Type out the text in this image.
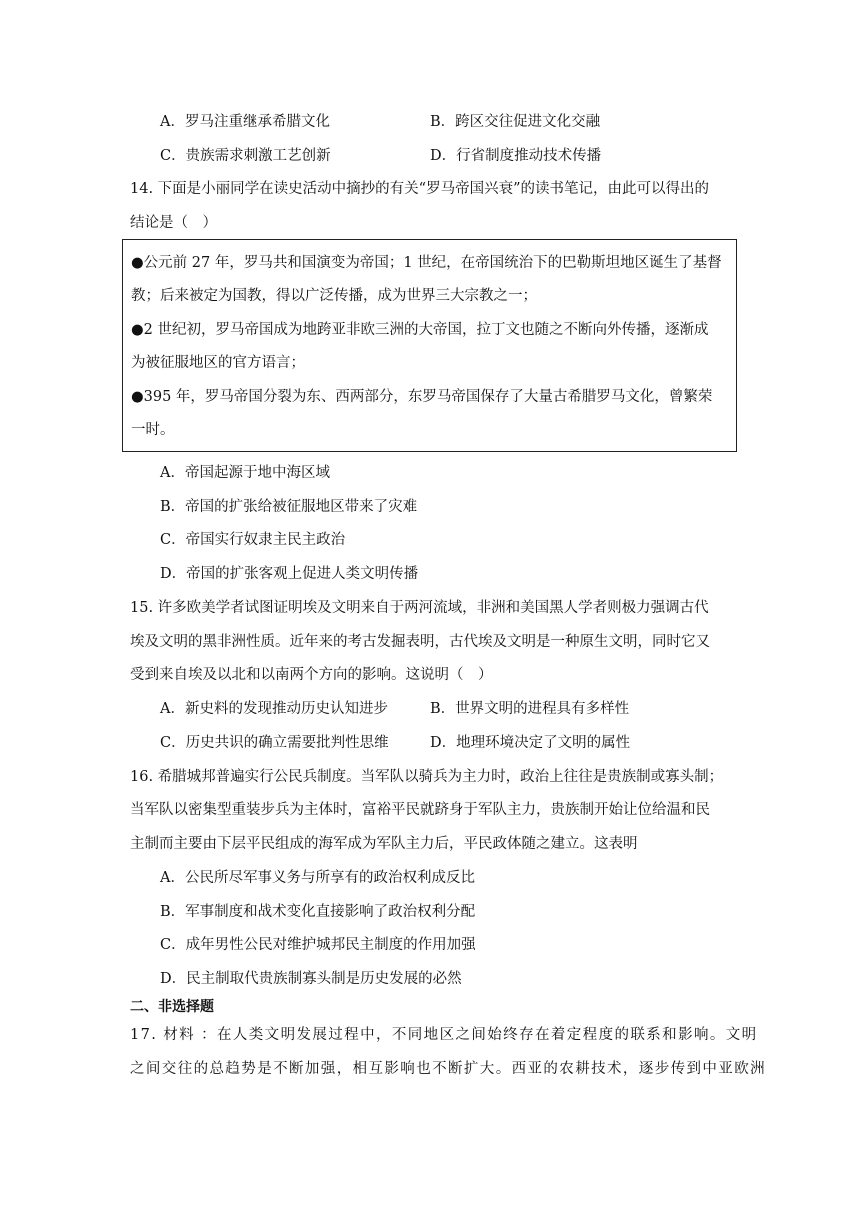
A．罗马注重继承希腊文化	B．跨区交往促进文化交融
C．贵族需求刺激工艺创新	D．行省制度推动技术传播
14. 下面是小丽同学在读史活动中摘抄的有关“罗马帝国兴衰”的读书笔记，由此可以得出的
结论是（　）
●公元前 27 年，罗马共和国演变为帝国；1 世纪，在帝国统治下的巴勒斯坦地区诞生了基督
教；后来被定为国教，得以广泛传播，成为世界三大宗教之一；
●2 世纪初，罗马帝国成为地跨亚非欧三洲的大帝国，拉丁文也随之不断向外传播，逐渐成
为被征服地区的官方语言；
●395 年，罗马帝国分裂为东、西两部分，东罗马帝国保存了大量古希腊罗马文化，曾繁荣
一时。
A．帝国起源于地中海区域
B．帝国的扩张给被征服地区带来了灾难
C．帝国实行奴隶主民主政治
D．帝国的扩张客观上促进人类文明传播
15. 许多欧美学者试图证明埃及文明来自于两河流域，非洲和美国黑人学者则极力强调古代
埃及文明的黑非洲性质。近年来的考古发掘表明，古代埃及文明是一种原生文明，同时它又
受到来自埃及以北和以南两个方向的影响。这说明（　）
A．新史料的发现推动历史认知进步	B．世界文明的进程具有多样性
C．历史共识的确立需要批判性思维	D．地理环境决定了文明的属性
16. 希腊城邦普遍实行公民兵制度。当军队以骑兵为主力时，政治上往往是贵族制或寡头制；
当军队以密集型重装步兵为主体时，富裕平民就跻身于军队主力，贵族制开始让位给温和民
主制而主要由下层平民组成的海军成为军队主力后，平民政体随之建立。这表明
A．公民所尽军事义务与所享有的政治权利成反比
B．军事制度和战术变化直接影响了政治权利分配
C．成年男性公民对维护城邦民主制度的作用加强
D．民主制取代贵族制寡头制是历史发展的必然
二、非选择题
17. 材料 ：在人类文明发展过程中，不同地区之间始终存在着定程度的联系和影响。文明
之间交往的总趋势是不断加强，相互影响也不断扩大。西亚的农耕技术，逐步传到中亚欧洲
